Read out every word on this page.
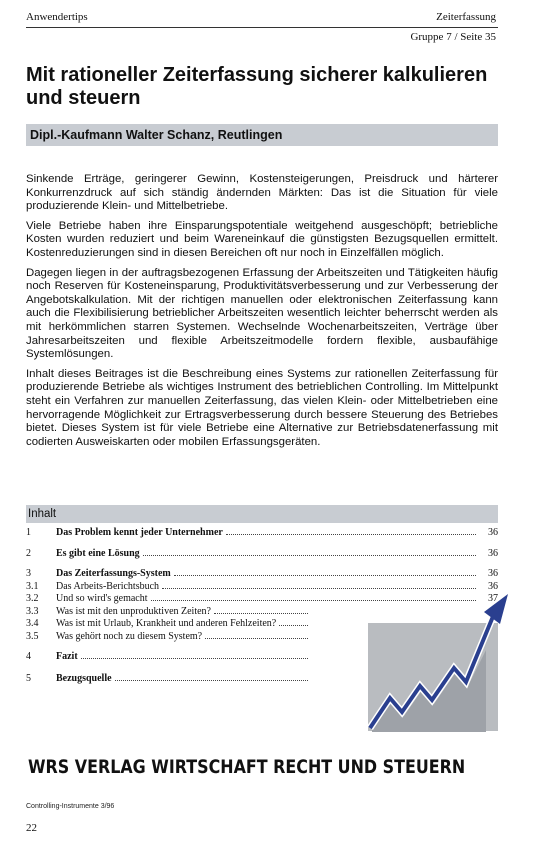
Anwendertips	Zeiterfassung
Gruppe 7 / Seite 35
Mit rationeller Zeiterfassung sicherer kalkulieren und steuern
Dipl.-Kaufmann Walter Schanz, Reutlingen

Sinkende Erträge, geringerer Gewinn, Kostensteigerungen, Preisdruck und härterer Konkurrenzdruck auf sich ständig ändernden Märkten: Das ist die Situation für viele produzierende Klein- und Mittelbetriebe.

Viele Betriebe haben ihre Einsparungspotentiale weitgehend ausgeschöpft; betriebliche Kosten wurden reduziert und beim Wareneinkauf die günstigsten Bezugsquellen ermittelt. Kostenreduzierungen sind in diesen Bereichen oft nur noch in Einzelfällen möglich.

Dagegen liegen in der auftragsbezogenen Erfassung der Arbeitszeiten und Tätigkeiten häufig noch Reserven für Kosteneinsparung, Produktivitätsverbesserung und zur Verbesserung der Angebotskalkulation. Mit der richtigen manuellen oder elektronischen Zeiterfassung kann auch die Flexibilisierung betrieblicher Arbeitszeiten wesentlich leichter beherrscht werden als mit herkömmlichen starren Systemen. Wechselnde Wochenarbeitszeiten, Verträge über Jahresarbeitszeiten und flexible Arbeitszeitmodelle fordern flexible, ausbaufähige Systemlösungen.

Inhalt dieses Beitrages ist die Beschreibung eines Systems zur rationellen Zeiterfassung für produzierende Betriebe als wichtiges Instrument des betrieblichen Controlling. Im Mittelpunkt steht ein Verfahren zur manuellen Zeiterfassung, das vielen Klein- oder Mittelbetrieben eine hervorragende Möglichkeit zur Ertragsverbesserung durch bessere Steuerung des Betriebes bietet. Dieses System ist für viele Betriebe eine Alternative zur Betriebsdatenerfassung mit codierten Ausweiskarten oder mobilen Erfassungsgeräten.

Inhalt
1	Das Problem kennt jeder Unternehmer	36
2	Es gibt eine Lösung	36
3	Das Zeiterfassungs-System	36
3.1	Das Arbeits-Berichtsbuch	36
3.2	Und so wird's gemacht	37
3.3	Was ist mit den unproduktiven Zeiten?
3.4	Was ist mit Urlaub, Krankheit und anderen Fehlzeiten?
3.5	Was gehört noch zu diesem System?
4	Fazit
5	Bezugsquelle
WRS VERLAG WIRTSCHAFT RECHT UND STEUERN
Controlling-Instrumente 3/96
22
